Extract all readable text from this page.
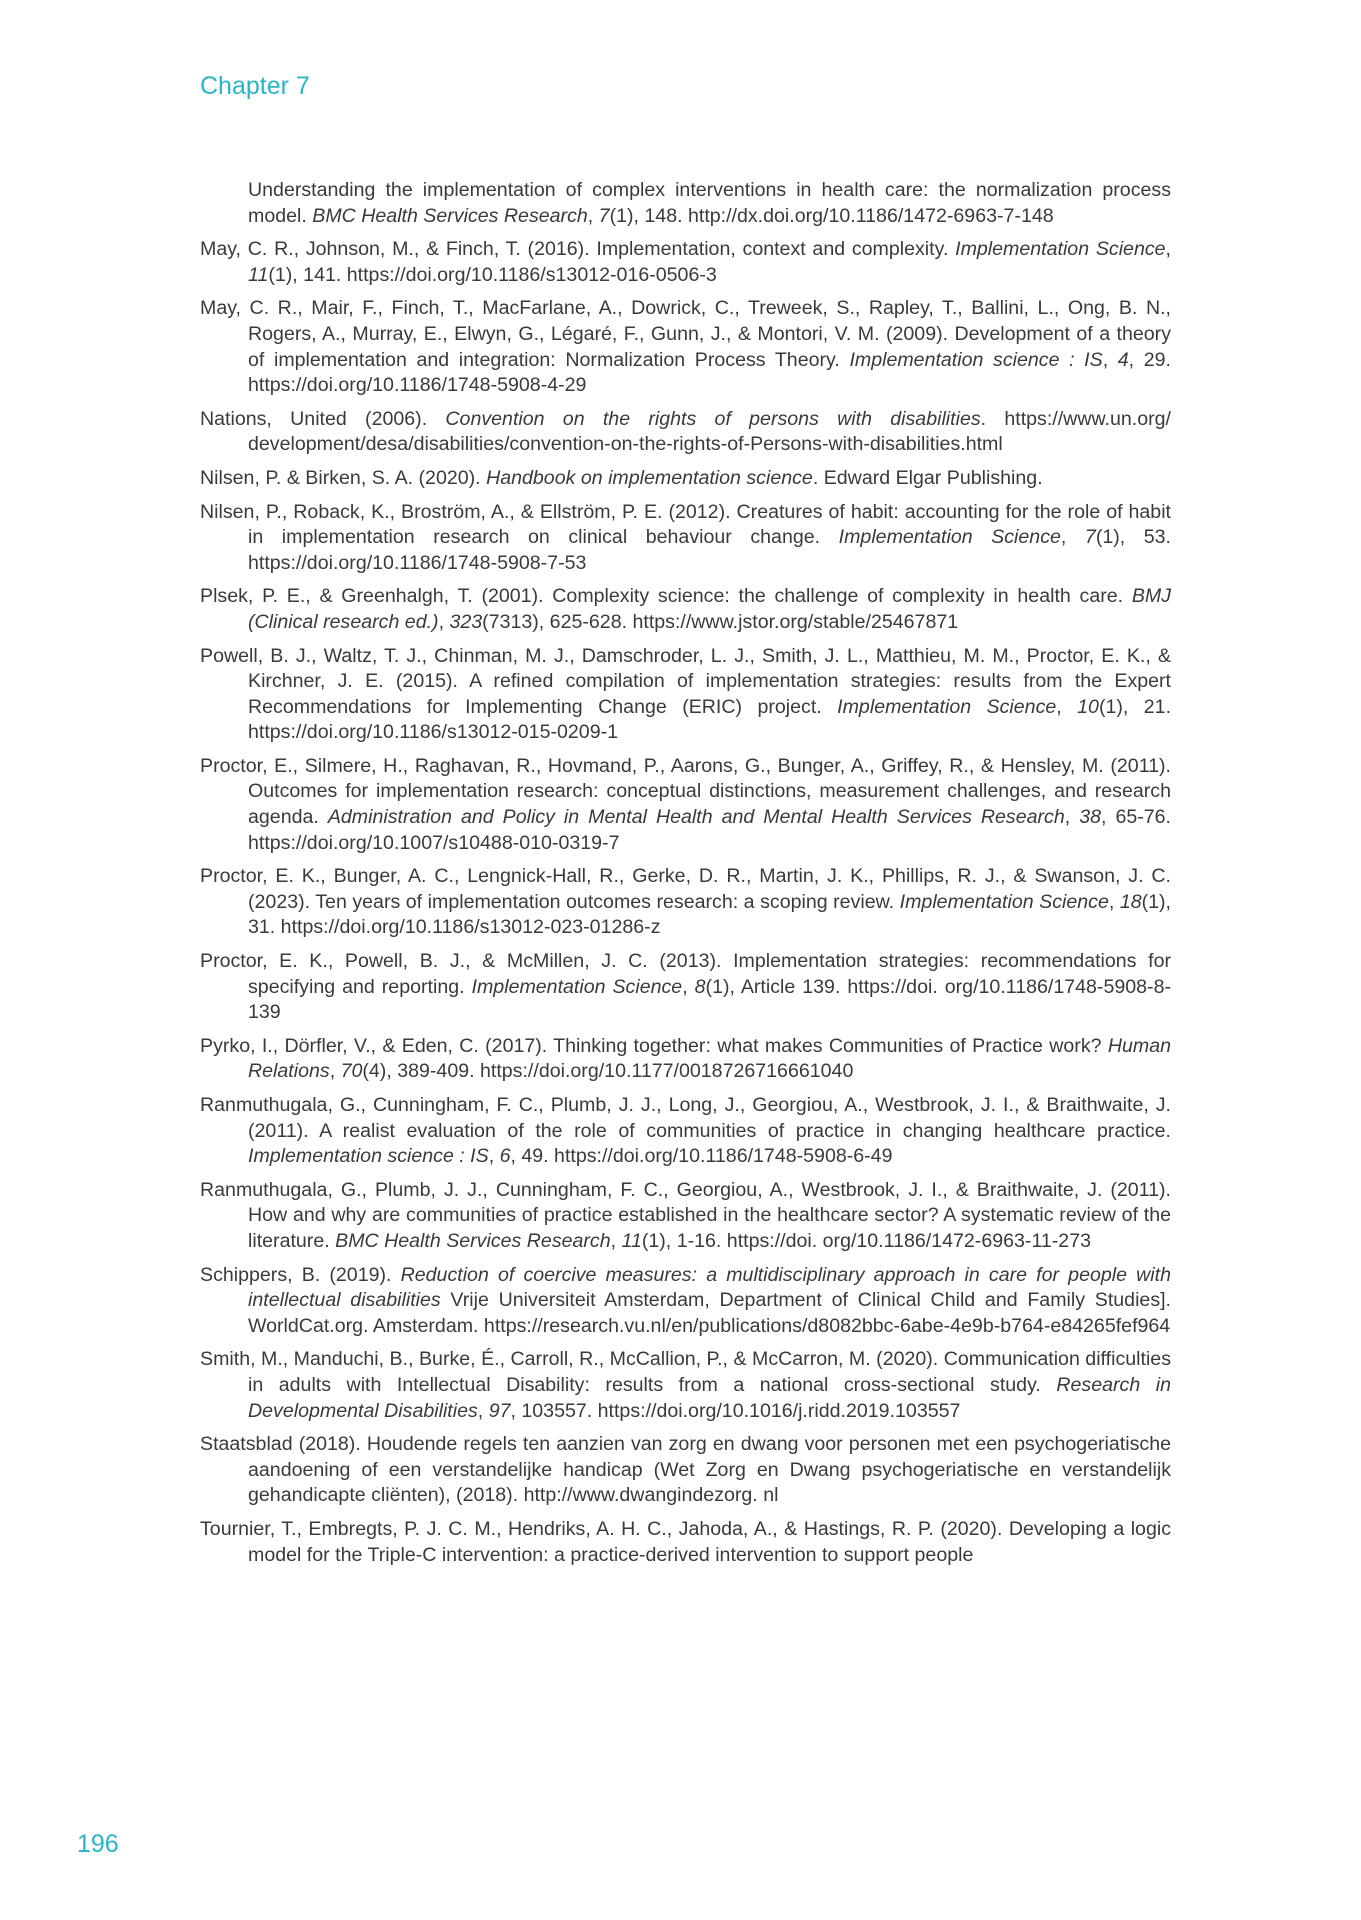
Chapter 7

Understanding the implementation of complex interventions in health care: the normalization process model. BMC Health Services Research, 7(1), 148. http://dx.doi.org/10.1186/1472-6963-7-148

May, C. R., Johnson, M., & Finch, T. (2016). Implementation, context and complexity. Implementation Science, 11(1), 141. https://doi.org/10.1186/s13012-016-0506-3

May, C. R., Mair, F., Finch, T., MacFarlane, A., Dowrick, C., Treweek, S., Rapley, T., Ballini, L., Ong, B. N., Rogers, A., Murray, E., Elwyn, G., Légaré, F., Gunn, J., & Montori, V. M. (2009). Development of a theory of implementation and integration: Normalization Process Theory. Implementation science : IS, 4, 29. https://doi.org/10.1186/1748-5908-4-29

Nations, United (2006). Convention on the rights of persons with disabilities. https://www.un.org/ development/desa/disabilities/convention-on-the-rights-of-Persons-with-disabilities.html

Nilsen, P. & Birken, S. A. (2020). Handbook on implementation science. Edward Elgar Publishing.

Nilsen, P., Roback, K., Broström, A., & Ellström, P. E. (2012). Creatures of habit: accounting for the role of habit in implementation research on clinical behaviour change. Implementation Science, 7(1), 53. https://doi.org/10.1186/1748-5908-7-53

Plsek, P. E., & Greenhalgh, T. (2001). Complexity science: the challenge of complexity in health care. BMJ (Clinical research ed.), 323(7313), 625-628. https://www.jstor.org/stable/25467871

Powell, B. J., Waltz, T. J., Chinman, M. J., Damschroder, L. J., Smith, J. L., Matthieu, M. M., Proctor, E. K., & Kirchner, J. E. (2015). A refined compilation of implementation strategies: results from the Expert Recommendations for Implementing Change (ERIC) project. Implementation Science, 10(1), 21. https://doi.org/10.1186/s13012-015-0209-1

Proctor, E., Silmere, H., Raghavan, R., Hovmand, P., Aarons, G., Bunger, A., Griffey, R., & Hensley, M. (2011). Outcomes for implementation research: conceptual distinctions, measurement challenges, and research agenda. Administration and Policy in Mental Health and Mental Health Services Research, 38, 65-76. https://doi.org/10.1007/s10488-010-0319-7

Proctor, E. K., Bunger, A. C., Lengnick-Hall, R., Gerke, D. R., Martin, J. K., Phillips, R. J., & Swanson, J. C. (2023). Ten years of implementation outcomes research: a scoping review. Implementation Science, 18(1), 31. https://doi.org/10.1186/s13012-023-01286-z

Proctor, E. K., Powell, B. J., & McMillen, J. C. (2013). Implementation strategies: recommendations for specifying and reporting. Implementation Science, 8(1), Article 139. https://doi. org/10.1186/1748-5908-8-139

Pyrko, I., Dörfler, V., & Eden, C. (2017). Thinking together: what makes Communities of Practice work? Human Relations, 70(4), 389-409. https://doi.org/10.1177/0018726716661040

Ranmuthugala, G., Cunningham, F. C., Plumb, J. J., Long, J., Georgiou, A., Westbrook, J. I., & Braithwaite, J. (2011). A realist evaluation of the role of communities of practice in changing healthcare practice. Implementation science : IS, 6, 49. https://doi.org/10.1186/1748-5908-6-49

Ranmuthugala, G., Plumb, J. J., Cunningham, F. C., Georgiou, A., Westbrook, J. I., & Braithwaite, J. (2011). How and why are communities of practice established in the healthcare sector? A systematic review of the literature. BMC Health Services Research, 11(1), 1-16. https://doi. org/10.1186/1472-6963-11-273

Schippers, B. (2019). Reduction of coercive measures: a multidisciplinary approach in care for people with intellectual disabilities Vrije Universiteit Amsterdam, Department of Clinical Child and Family Studies]. WorldCat.org. Amsterdam. https://research.vu.nl/en/publications/d8082bbc-6abe-4e9b-b764-e84265fef964

Smith, M., Manduchi, B., Burke, É., Carroll, R., McCallion, P., & McCarron, M. (2020). Communication difficulties in adults with Intellectual Disability: results from a national cross-sectional study. Research in Developmental Disabilities, 97, 103557. https://doi.org/10.1016/j.ridd.2019.103557

Staatsblad (2018). Houdende regels ten aanzien van zorg en dwang voor personen met een psychogeriatische aandoening of een verstandelijke handicap (Wet Zorg en Dwang psychogeriatische en verstandelijk gehandicapte cliënten), (2018). http://www.dwangindezorg. nl

Tournier, T., Embregts, P. J. C. M., Hendriks, A. H. C., Jahoda, A., & Hastings, R. P. (2020). Developing a logic model for the Triple-C intervention: a practice-derived intervention to support people

196
